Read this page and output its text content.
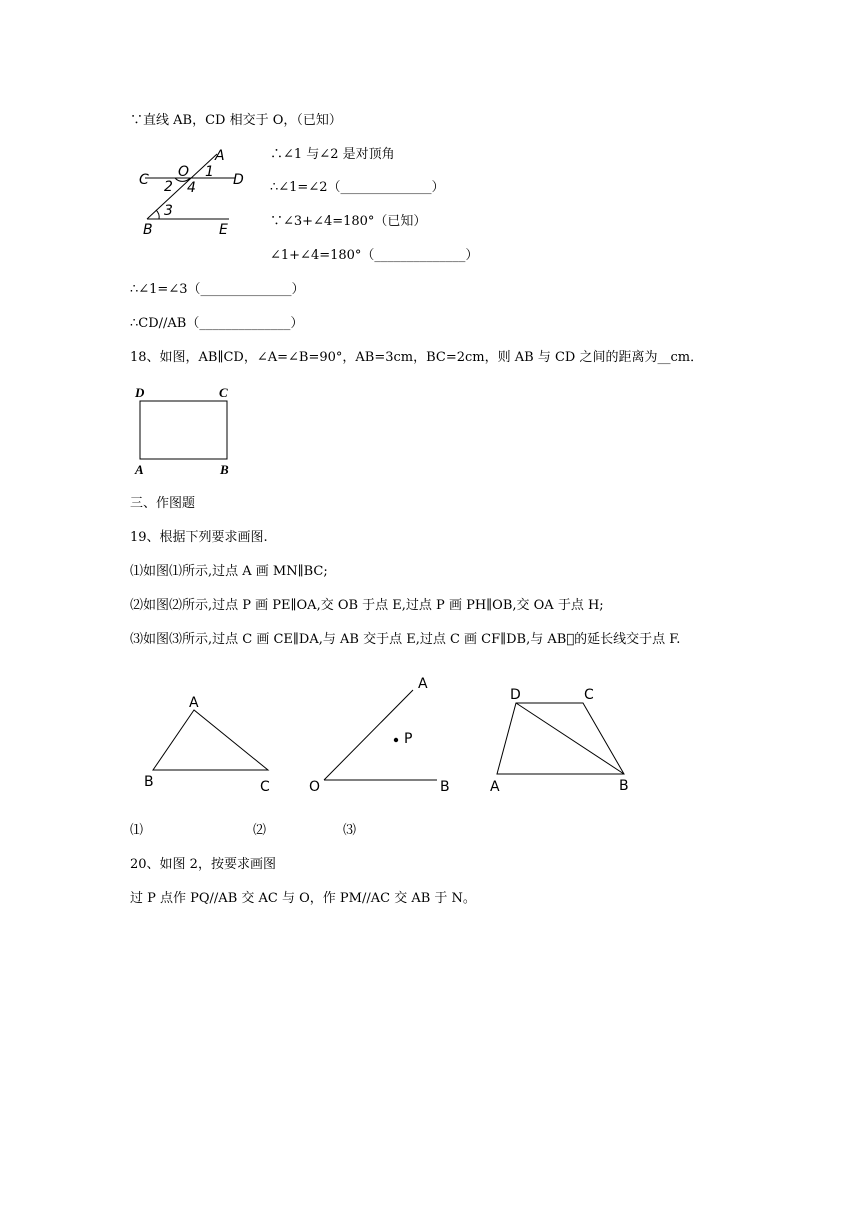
∵直线 AB，CD 相交于 O，（已知）
C O 1
A
D
2 4
3
B	E
∴∠1 与∠2 是对顶角
∴∠1=∠2（______________）
∵∠3+∠4=180°（已知）
∠1+∠4=180°（______________）
∴∠1=∠3（______________）
∴CD//AB（______________）
18、如图，AB∥CD，∠A=∠B=90°，AB=3cm，BC=2cm，则 AB 与 CD 之间的距离为__cm．
D	C
A	B
三、作图题
19、根据下列要求画图.
⑴如图⑴所示,过点 A 画 MN∥BC;
⑵如图⑵所示,过点 P 画 PE∥OA,交 OB 于点 E,过点 P 画 PH∥OB,交 OA 于点 H;
⑶如图⑶所示,过点 C 画 CE∥DA,与 AB 交于点 E,过点 C 画 CF∥DB,与 AB⃞的延长线交于点 F.
A
B	C
A
P
O	B
D	C
A	B
⑴	⑵	⑶
20、如图 2，按要求画图
过 P 点作 PQ//AB 交 AC 与 O，作 PM//AC 交 AB 于 N。
